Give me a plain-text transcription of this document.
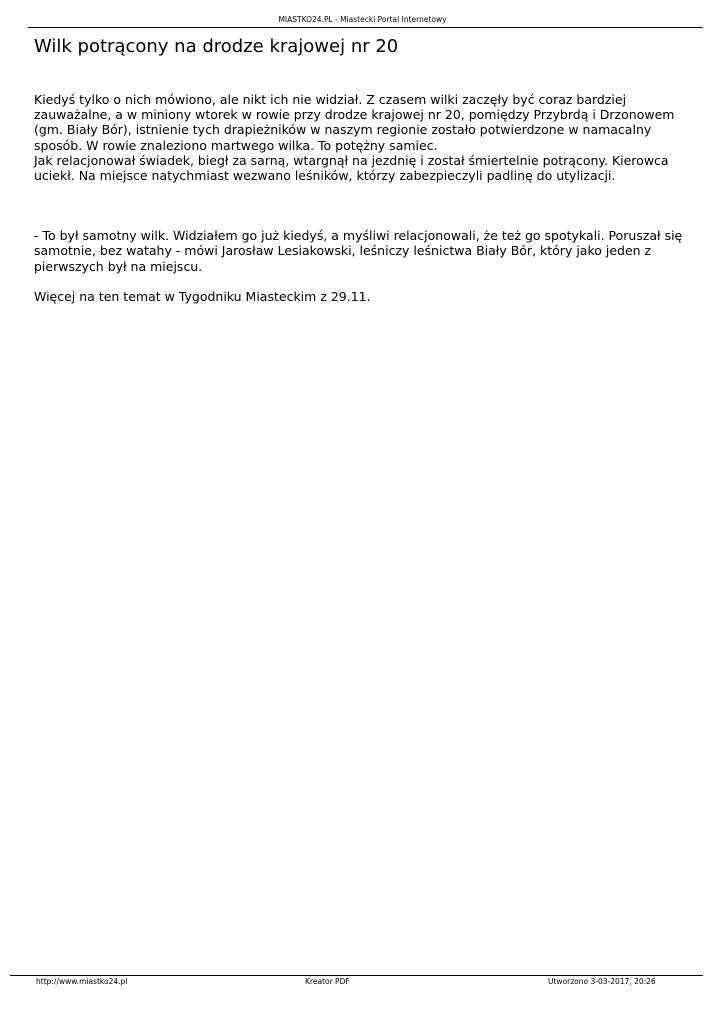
MIASTKO24.PL - Miastecki Portal Internetowy
Wilk potrącony na drodze krajowej nr 20

Kiedyś tylko o nich mówiono, ale nikt ich nie widział. Z czasem wilki zaczęły być coraz bardziej
zauważalne, a w miniony wtorek w rowie przy drodze krajowej nr 20, pomiędzy Przybrdą i Drzonowem
(gm. Biały Bór), istnienie tych drapieżników w naszym regionie zostało potwierdzone w namacalny
sposób. W rowie znaleziono martwego wilka. To potężny samiec.
Jak relacjonował świadek, biegł za sarną, wtargnął na jezdnię i został śmiertelnie potrącony. Kierowca
uciekł. Na miejsce natychmiast wezwano leśników, którzy zabezpieczyli padlinę do utylizacji.

- To był samotny wilk. Widziałem go już kiedyś, a myśliwi relacjonowali, że też go spotykali. Poruszał się
samotnie, bez watahy - mówi Jarosław Lesiakowski, leśniczy leśnictwa Biały Bór, który jako jeden z
pierwszych był na miejscu.

Więcej na ten temat w Tygodniku Miasteckim z 29.11.

http://www.miastko24.pl	Kreator PDF	Utworzono 3-03-2017, 20:26
